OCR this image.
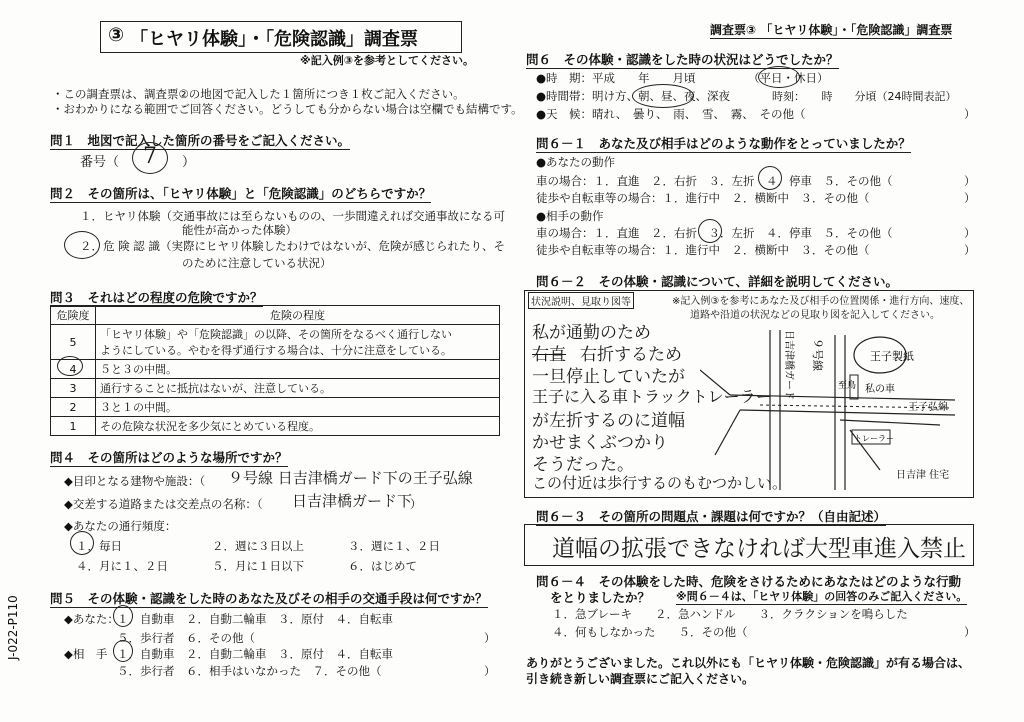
③ 「ヒヤリ体験」・「危険認識」調査票
※記入例③を参考としてください。
調査票③ 「ヒヤリ体験」・「危険認識」調査票
J-022-P110
・この調査票は、調査票②の地図で記入した１箇所につき１枚ご記入ください。
・おわかりになる範囲でご回答ください。どうしても分からない場合は空欄でも結構です。
問１　地図で記入した箇所の番号をご記入ください。
番号（ 7 ）
問２　その箇所は、「ヒヤリ体験」と「危険認識」のどちらですか？
１．ヒヤリ体験（交通事故には至らないものの、一歩間違えれば交通事故になる可
能性が高かった体験）
２．危 険 認 識（実際にヒヤリ体験したわけではないが、危険が感じられたり、そ
のために注意している状況）
問３　それはどの程度の危険ですか？
危険度	危険の程度
5	「ヒヤリ体験」や「危険認識」の以降、その箇所をなるべく通行しない
ようにしている。やむを得ず通行する場合は、十分に注意をしている。

4	５と３の中間。
3	通行することに抵抗はないが、注意している。
2	３と１の中間。
1	その危険な状況を多少気にとめている程度。
問４　その箇所はどのような場所ですか？
◆目印となる建物や施設：（ ９号線 日吉津橋ガード下の王子弘線
◆交差する道路または交差点の名称：（ 日吉津橋ガード下
）
◆あなたの通行頻度：
１．毎日	２．週に３日以上	３．週に１、２日
４．月に１、２日	５．月に１日以下	６．はじめて
問５　その体験・認識をした時のあなた及びその相手の交通手段は何ですか？
◆あなた：
１．自動車　２．自動二輪車　３．原付　４．自転車
５．歩行者　６．その他（	）
◆相　手 １．自動車　２．自動二輪車　３．原付　４．自転車
５．歩行者　６．相手はいなかった　７．その他（	）
問６　その体験・認識をした時の状況はどうでしたか？
●時　期：平成　　年　　月頃	（平日・休日）
●時間帯：明け方、朝、昼、夜、深夜	時刻：　　時　　分頃（24時間表記）
●天　候：晴れ、　曇り、　雨、　雪、　霧、　その他（	）
問６－１　あなた及び相手はどのような動作をとっていましたか？
●あなたの動作
車の場合：１．直進　２．右折　３．左折　４．停車　５．その他（	）
徒歩や自転車等の場合：１．進行中　２．横断中　３．その他（	）
●相手の動作
車の場合：１．直進　２．右折　３．左折　４．停車　５．その他（	）
徒歩や自転車等の場合：１．進行中　２．横断中　３．その他（	）
問６－２　その体験・認識について、詳細を説明してください。
状況説明、見取り図等	※記入例③を参考にあなた及び相手の位置関係・進行方向、速度、
道路や沿道の状況などの見取り図を記入してください。
私が通勤のため
右直 右折するため
一旦停止していたが
王子に入る車トラックトレーラー
が左折するのに道幅
かせまくぶつかり
そうだった。
この付近は歩行するのもむつかしい。
日吉津橋ガード ９号線
至鳥 私の車
王子弘線
王子製紙
トレーラー
日吉津 住宅
問６－３　その箇所の問題点・課題は何ですか？（自由記述）
道幅の拡張できなければ大型車進入禁止
問６－４　その体験をした時、危険をさけるためにあなたはどのような行動
をとりましたか？ ※問６－４は、「ヒヤリ体験」の回答のみご記入ください。
１．急ブレーキ　　２．急ハンドル　　３．クラクションを鳴らした
４．何もしなかった　　５．その他（	）
ありがとうございました。これ以外にも「ヒヤリ体験・危険認識」が有る場合は、
引き続き新しい調査票にご記入ください。
